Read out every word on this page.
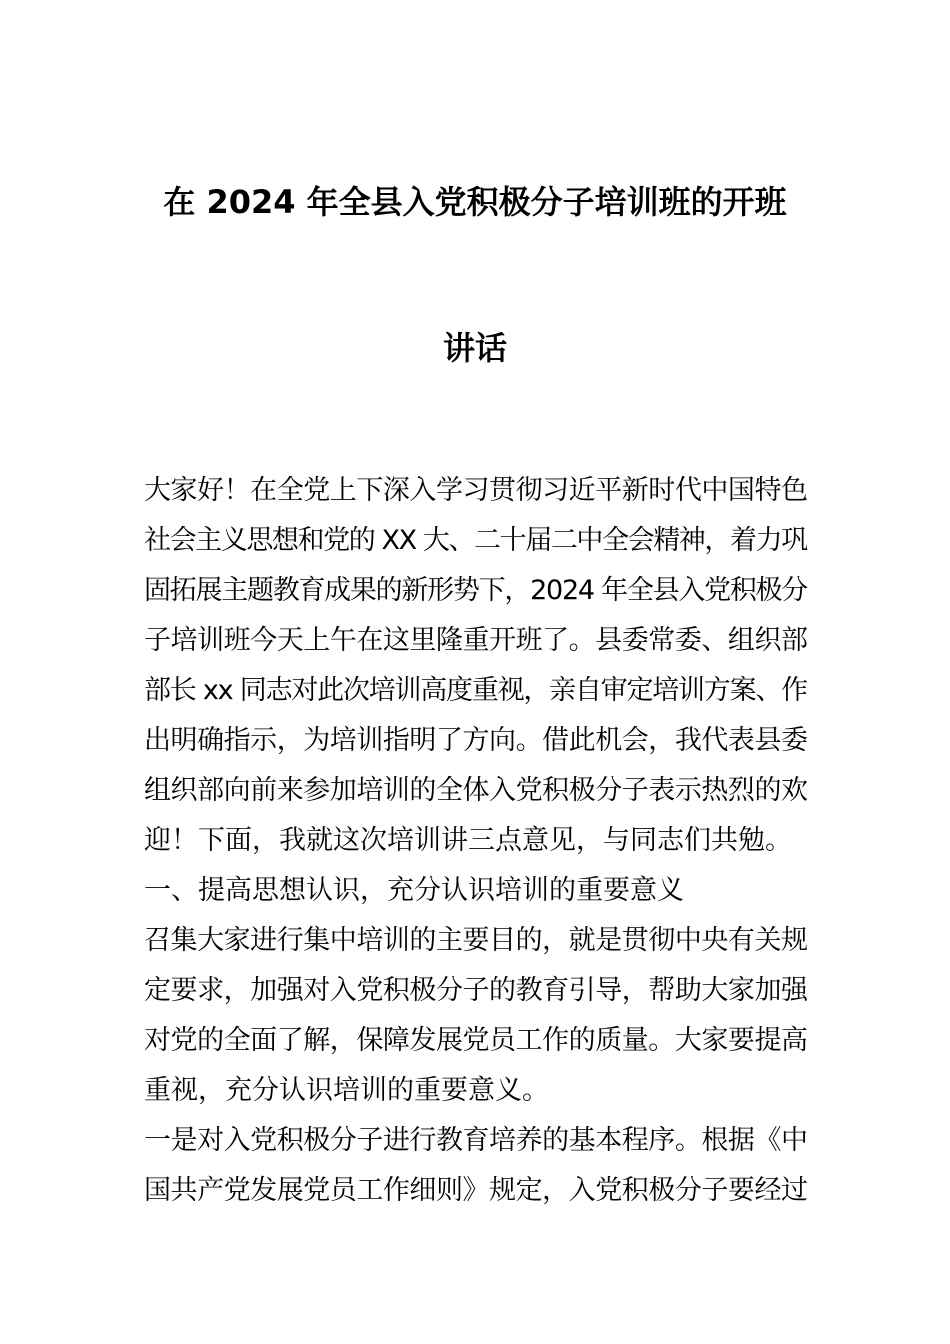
在 2024 年全县入党积极分子培训班的开班
讲话
大家好！在全党上下深入学习贯彻习近平新时代中国特色
社会主义思想和党的 XX 大、二十届二中全会精神，着力巩
固拓展主题教育成果的新形势下，2024 年全县入党积极分
子培训班今天上午在这里隆重开班了。县委常委、组织部
部长 xx 同志对此次培训高度重视，亲自审定培训方案、作
出明确指示，为培训指明了方向。借此机会，我代表县委
组织部向前来参加培训的全体入党积极分子表示热烈的欢
迎！下面，我就这次培训讲三点意见，与同志们共勉。
一、提高思想认识，充分认识培训的重要意义
召集大家进行集中培训的主要目的，就是贯彻中央有关规
定要求，加强对入党积极分子的教育引导，帮助大家加强
对党的全面了解，保障发展党员工作的质量。大家要提高
重视，充分认识培训的重要意义。
一是对入党积极分子进行教育培养的基本程序。根据《中
国共产党发展党员工作细则》规定，入党积极分子要经过
